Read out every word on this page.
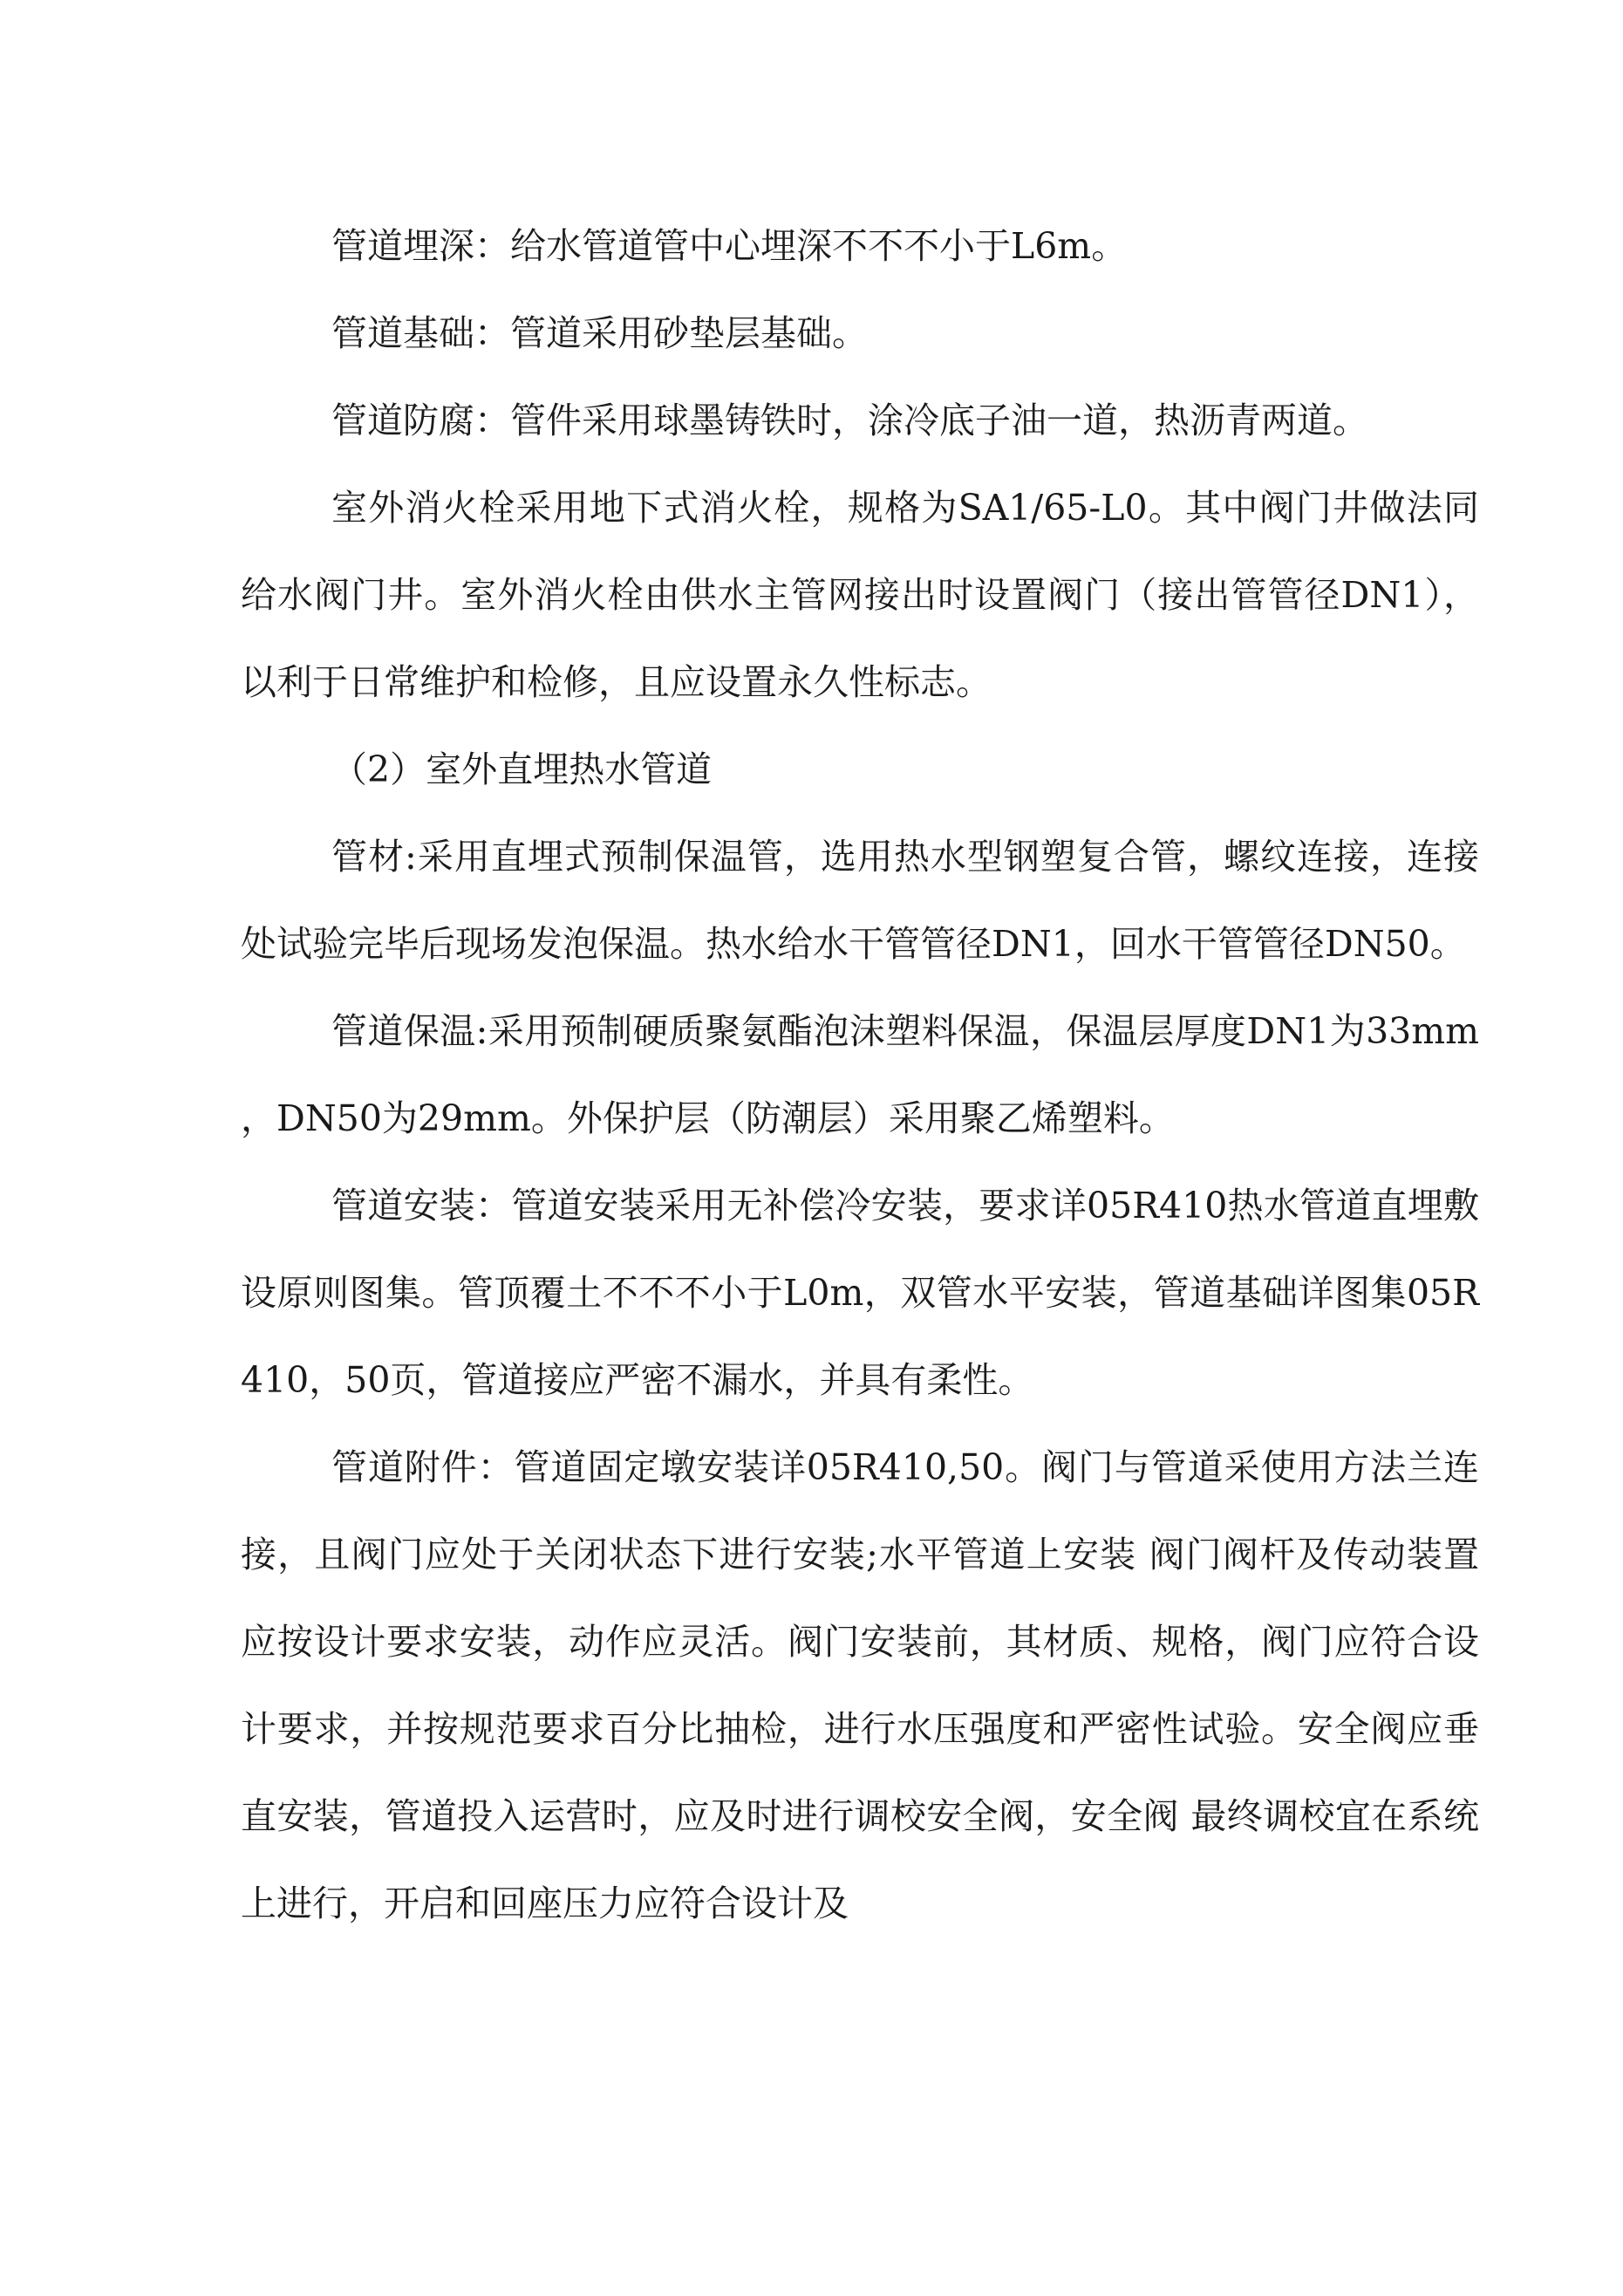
管道埋深：给水管道管中心埋深不不不小于L6m。

管道基础：管道采用砂垫层基础。

管道防腐：管件采用球墨铸铁时，涂冷底子油一道，热沥青两道。

室外消火栓采用地下式消火栓，规格为SA1/65-L0。其中阀门井做法同给水阀门井。室外消火栓由供水主管网接出时设置阀门（接出管管径DN1），以利于日常维护和检修，且应设置永久性标志。

（2）室外直埋热水管道

管材:采用直埋式预制保温管，选用热水型钢塑复合管，螺纹连接，连接处试验完毕后现场发泡保温。热水给水干管管径DN1，回水干管管径DN50。

管道保温:采用预制硬质聚氨酯泡沫塑料保温，保温层厚度DN1为33mm，DN50为29mm。外保护层（防潮层）采用聚乙烯塑料。

管道安装：管道安装采用无补偿冷安装，要求详05R410热水管道直埋敷设原则图集。管顶覆土不不不小于L0m，双管水平安装，管道基础详图集05R410，50页，管道接应严密不漏水，并具有柔性。

管道附件：管道固定墩安装详05R410,50。阀门与管道采使用方法兰连接，且阀门应处于关闭状态下进行安装;水平管道上安装 阀门阀杆及传动装置应按设计要求安装，动作应灵活。阀门安装前，其材质、规格，阀门应符合设计要求，并按规范要求百分比抽检，进行水压强度和严密性试验。安全阀应垂直安装，管道投入运营时，应及时进行调校安全阀，安全阀 最终调校宜在系统上进行，开启和回座压力应符合设计及
